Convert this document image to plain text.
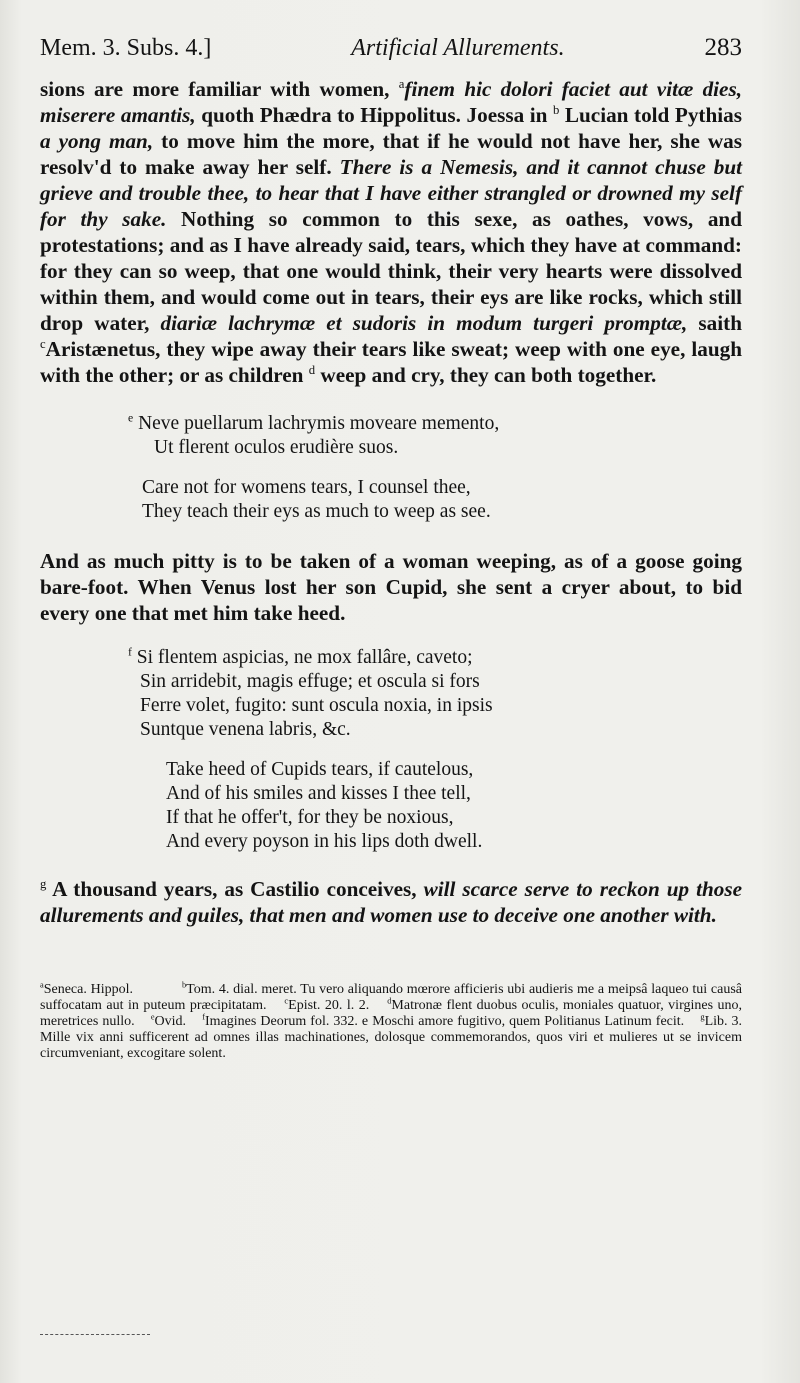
Mem. 3. Subs. 4.]	Artificial Allurements.	283

sions are more familiar with women, $^a$finem hic dolori faciet aut vitæ dies, miserere amantis, quoth Phædra to Hippolitus. Joessa in $^b$ Lucian told Pythias a yong man, to move him the more, that if he would not have her, she was resolv'd to make away her self. There is a Nemesis, and it cannot chuse but grieve and trouble thee, to hear that I have either strangled or drowned my self for thy sake. Nothing so common to this sexe, as oathes, vows, and protestations; and as I have already said, tears, which they have at command: for they can so weep, that one would think, their very hearts were dissolved within them, and would come out in tears, their eys are like rocks, which still drop water, diariæ lachrymæ et sudoris in modum turgeri promptæ, saith $^c$Aristænetus, they wipe away their tears like sweat; weep with one eye, laugh with the other; or as children $^d$ weep and cry, they can both together.

$^e$ Neve puellarum lachrymis moveare memento,
Ut flerent oculos erudière suos.
Care not for womens tears, I counsel thee,
They teach their eys as much to weep as see.

And as much pitty is to be taken of a woman weeping, as of a goose going bare-foot. When Venus lost her son Cupid, she sent a cryer about, to bid every one that met him take heed.

$^f$ Si flentem aspicias, ne mox fallâre, caveto;
Sin arridebit, magis effuge; et oscula si fors
Ferre volet, fugito: sunt oscula noxia, in ipsis
Suntque venena labris, &c.
Take heed of Cupids tears, if cautelous,
And of his smiles and kisses I thee tell,
If that he offer't, for they be noxious,
And every poyson in his lips doth dwell.

$^g$ A thousand years, as Castilio conceives, will scarce serve to reckon up those allurements and guiles, that men and women use to deceive one another with.

$^a$Seneca. Hippol.	$^b$Tom. 4. dial. meret. Tu vero aliquando mœrore afficieris ubi audieris me a meipsâ laqueo tui causâ suffocatam aut in puteum præcipitatam. $^c$Epist. 20. l. 2. $^d$Matronæ flent duobus oculis, moniales quatuor, virgines uno, meretrices nullo. $^e$Ovid. $^f$Imagines Deorum fol. 332. e Moschi amore fugitivo, quem Politianus Latinum fecit. $^g$Lib. 3. Mille vix anni sufficerent ad omnes illas machinationes, dolosque commemorandos, quos viri et mulieres ut se invicem circumveniant, excogitare solent.
